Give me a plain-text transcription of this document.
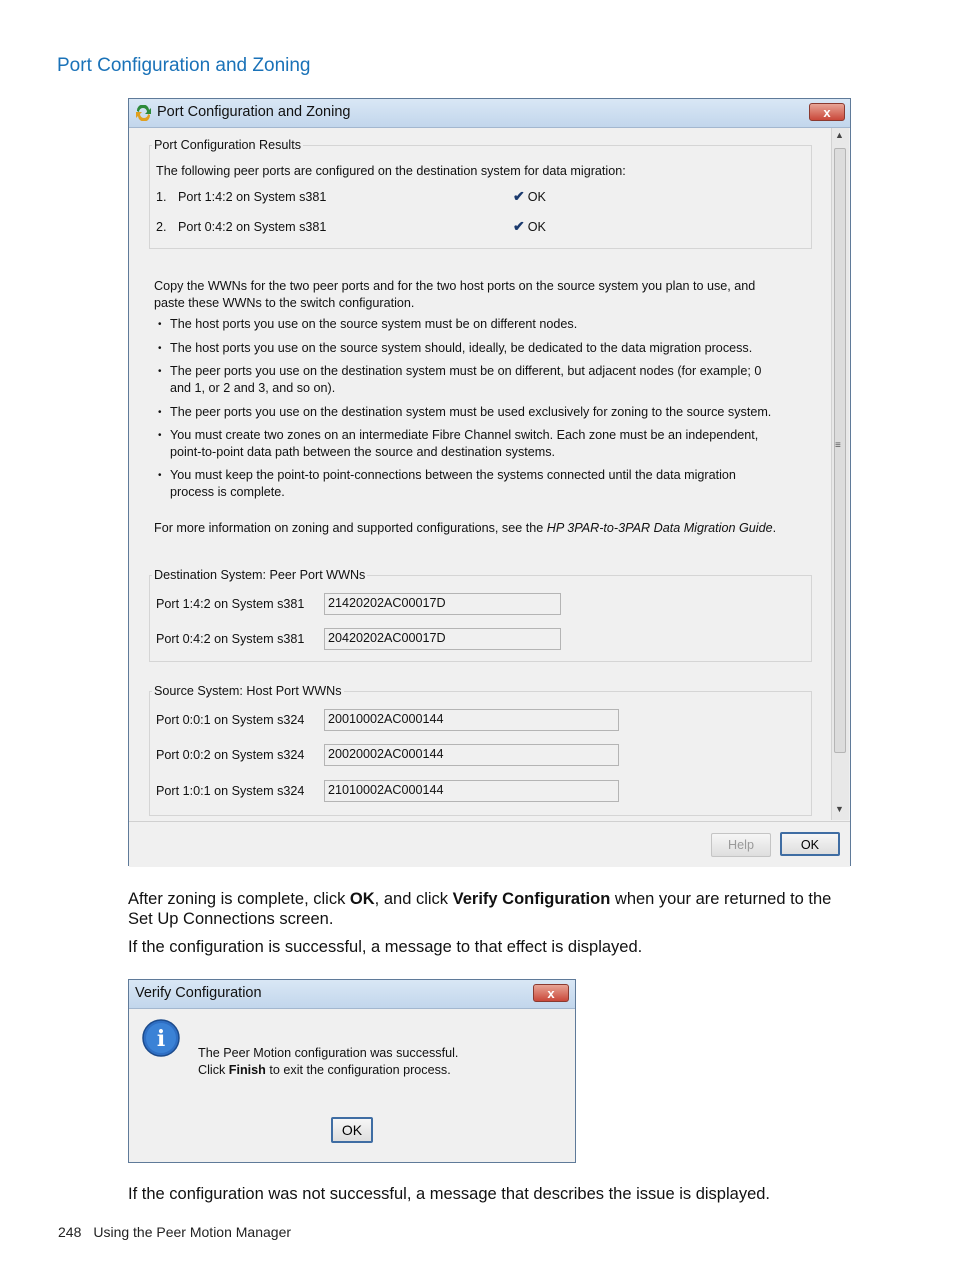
Port Configuration and Zoning
Port Configuration and Zoning	x
Port Configuration Results
The following peer ports are configured on the destination system for data migration:
1. Port 1:4:2 on System s381	✔ OK
2. Port 0:4:2 on System s381	✔ OK
Copy the WWNs for the two peer ports and for the two host ports on the source system you plan to use, and
paste these WWNs to the switch configuration.
• The host ports you use on the source system must be on different nodes.
• The host ports you use on the source system should, ideally, be dedicated to the data migration process.
• The peer ports you use on the destination system must be on different, but adjacent nodes (for example; 0
and 1, or 2 and 3, and so on).
• The peer ports you use on the destination system must be used exclusively for zoning to the source system.
• You must create two zones on an intermediate Fibre Channel switch. Each zone must be an independent,
point-to-point data path between the source and destination systems.
• You must keep the point-to point-connections between the systems connected until the data migration
process is complete.
For more information on zoning and supported configurations, see the HP 3PAR-to-3PAR Data Migration Guide.
Destination System: Peer Port WWNs
Port 1:4:2 on System s381	21420202AC00017D
Port 0:4:2 on System s381	20420202AC00017D
Source System: Host Port WWNs
Port 0:0:1 on System s324	20010002AC000144
Port 0:0:2 on System s324	20020002AC000144
Port 1:0:1 on System s324	21010002AC000144
▲
≡
▼
Help	OK
After zoning is complete, click OK, and click Verify Configuration when your are returned to the
Set Up Connections screen.
If the configuration is successful, a message to that effect is displayed.
Verify Configuration	x
i
The Peer Motion configuration was successful.
Click Finish to exit the configuration process.
OK
If the configuration was not successful, a message that describes the issue is displayed.
248 Using the Peer Motion Manager
